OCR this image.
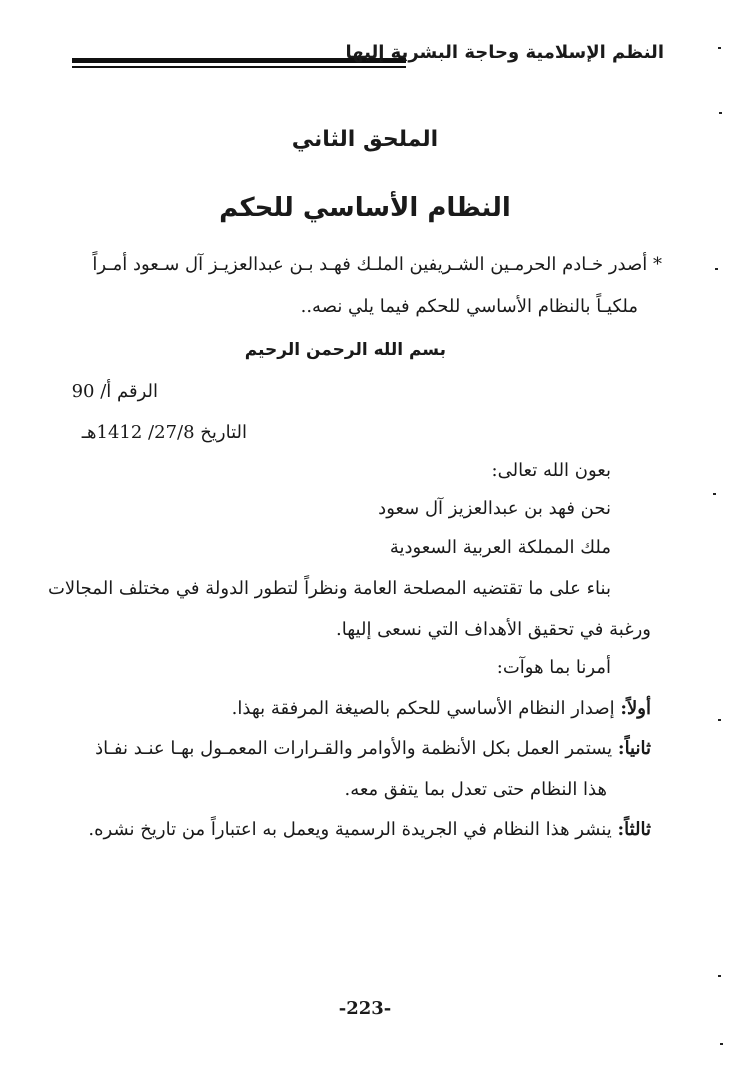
النظم الإسلامية وحاجة البشرية إليها
الملحق الثاني
النظام الأساسي للحكم
* أصدر خـادم الحرمـين الشـريفين الملـك فهـد بـن عبدالعزيـز آل سـعود أمـراً
ملكيـاً بالنظام الأساسي للحكم فيما يلي نصه..
بسم الله الرحمن الرحيم
الرقم أ/ 90
التاريخ 27/8/ 1412هـ
بعون الله تعالى:
نحن فهد بن عبدالعزيز آل سعود
ملك المملكة العربية السعودية
بناء على ما تقتضيه المصلحة العامة ونظراً لتطور الدولة في مختلف المجالات
ورغبة في تحقيق الأهداف التي نسعى إليها.
أمرنا بما هوآت:
أولاً: إصدار النظام الأساسي للحكم بالصيغة المرفقة بهذا.
ثانياً: يستمر العمل بكل الأنظمة والأوامر والقـرارات المعمـول بهـا عنـد نفـاذ
هذا النظام حتى تعدل بما يتفق معه.
ثالثاً: ينشر هذا النظام في الجريدة الرسمية ويعمل به اعتباراً من تاريخ نشره.
-223-
